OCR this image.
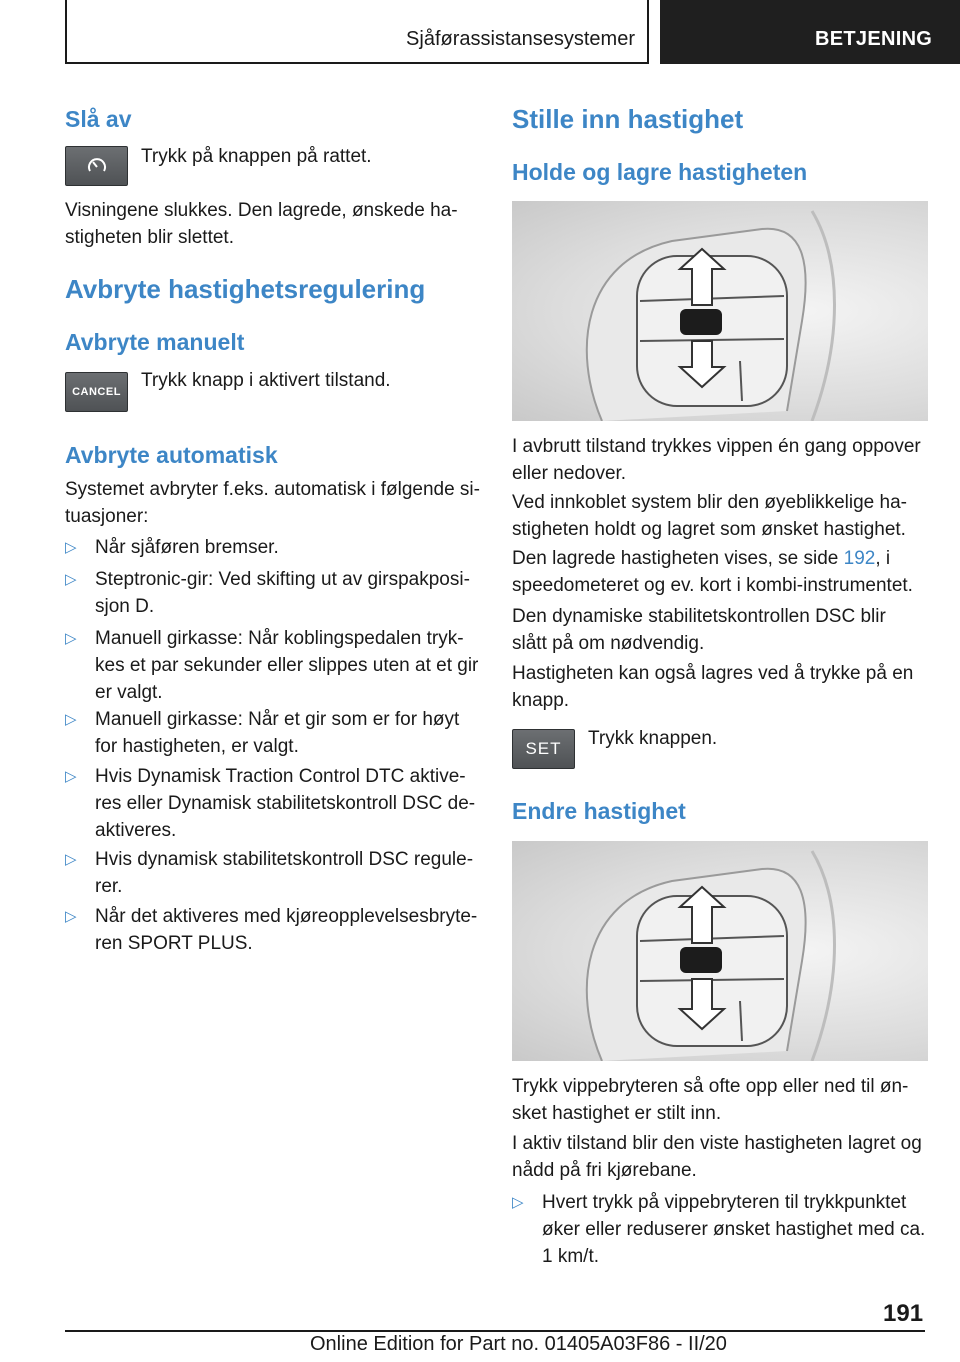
Sjåførassistansesystemer	BETJENING
Slå av

Trykk på knappen på rattet.

Visningene slukkes. Den lagrede, ønskede ha-
stigheten blir slettet.

Avbryte hastighetsregulering
Avbryte manuelt
CANCEL

Trykk knapp i aktivert tilstand.

Avbryte automatisk

Systemet avbryter f.eks. automatisk i følgende si-
tuasjoner:

▷ Når sjåføren bremser.
▷ Steptronic-gir: Ved skifting ut av girspakposi-
sjon D.
▷ Manuell girkasse: Når koblingspedalen tryk-
kes et par sekunder eller slippes uten at et gir
er valgt.
▷ Manuell girkasse: Når et gir som er for høyt
for hastigheten, er valgt.
▷ Hvis Dynamisk Traction Control DTC aktive-
res eller Dynamisk stabilitetskontroll DSC de-
aktiveres.
▷ Hvis dynamisk stabilitetskontroll DSC regule-
rer.
▷ Når det aktiveres med kjøreopplevelsesbryte-
ren SPORT PLUS.
Stille inn hastighet
Holde og lagre hastigheten

I avbrutt tilstand trykkes vippen én gang oppover
eller nedover.

Ved innkoblet system blir den øyeblikkelige ha-
stigheten holdt og lagret som ønsket hastighet.

Den lagrede hastigheten vises, se side 192, i
speedometeret og ev. kort i kombi-instrumentet.

Den dynamiske stabilitetskontrollen DSC blir
slått på om nødvendig.

Hastigheten kan også lagres ved å trykke på en
knapp.

SET Trykk knappen.

Endre hastighet

Trykk vippebryteren så ofte opp eller ned til øn-
sket hastighet er stilt inn.

I aktiv tilstand blir den viste hastigheten lagret og
nådd på fri kjørebane.

▷ Hvert trykk på vippebryteren til trykkpunktet
øker eller reduserer ønsket hastighet med ca.
1 km/t.
191
Online Edition for Part no. 01405A03F86 - II/20
